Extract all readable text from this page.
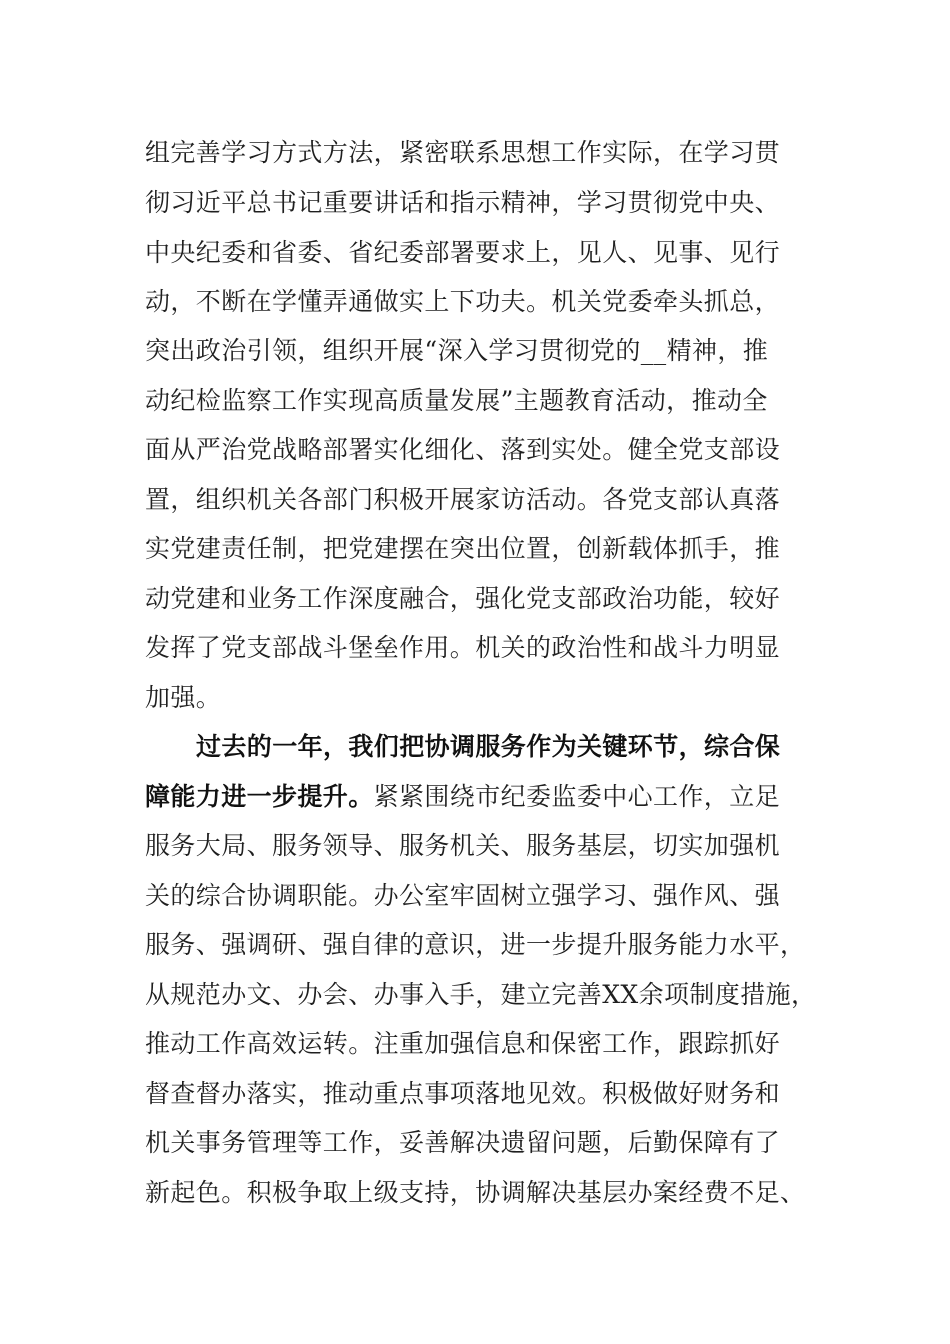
组完善学习方式方法，紧密联系思想工作实际，在学习贯
彻习近平总书记重要讲话和指示精神，学习贯彻党中央、
中央纪委和省委、省纪委部署要求上，见人、见事、见行
动，不断在学懂弄通做实上下功夫。机关党委牵头抓总，
突出政治引领，组织开展“深入学习贯彻党的__精神，推
动纪检监察工作实现高质量发展”主题教育活动，推动全
面从严治党战略部署实化细化、落到实处。健全党支部设
置，组织机关各部门积极开展家访活动。各党支部认真落
实党建责任制，把党建摆在突出位置，创新载体抓手，推
动党建和业务工作深度融合，强化党支部政治功能，较好
发挥了党支部战斗堡垒作用。机关的政治性和战斗力明显
加强。
过去的一年，我们把协调服务作为关键环节，综合保
障能力进一步提升。紧紧围绕市纪委监委中心工作，立足
服务大局、服务领导、服务机关、服务基层，切实加强机
关的综合协调职能。办公室牢固树立强学习、强作风、强
服务、强调研、强自律的意识，进一步提升服务能力水平，
从规范办文、办会、办事入手，建立完善XX余项制度措施，
推动工作高效运转。注重加强信息和保密工作，跟踪抓好
督查督办落实，推动重点事项落地见效。积极做好财务和
机关事务管理等工作，妥善解决遗留问题，后勤保障有了
新起色。积极争取上级支持，协调解决基层办案经费不足、
